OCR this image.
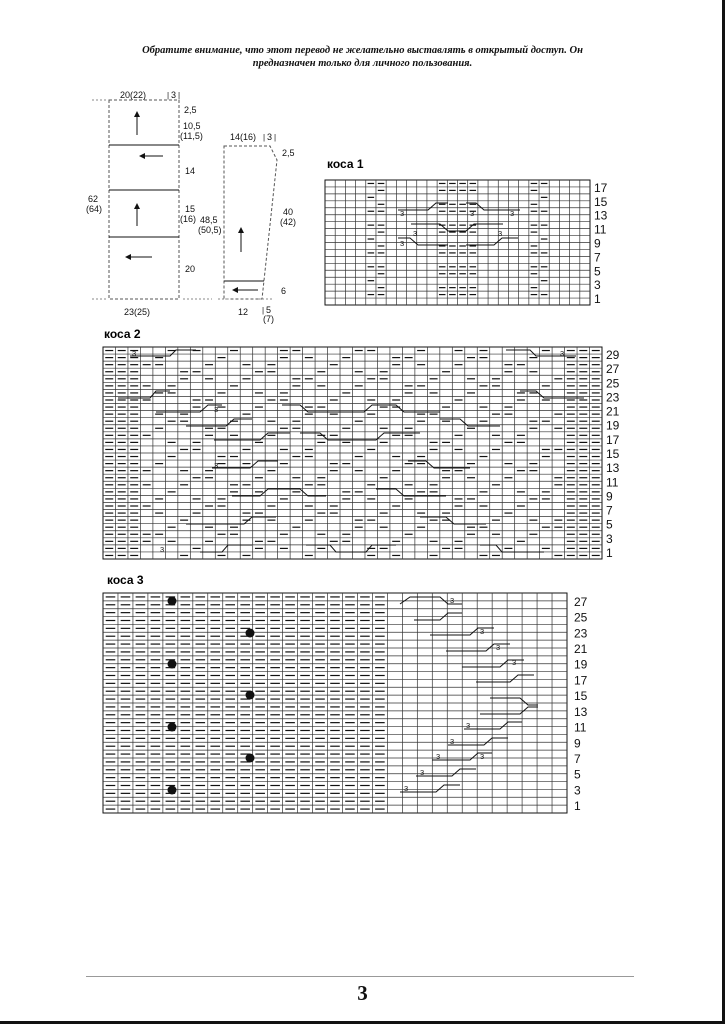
Обратите внимание, что этот перевод не желательно выставлять в открытый доступ. Он
предназначен только для личного пользования.
20(22)	| 3 |
2,5
10,5
(11,5)
14
15
(16) 48,5
(50,5)
20
62
(64)
23(25)
14(16) | 3 |
2,5
40
(42)
6
12 | 5
(7)
коса 1
3	3	3
3	3
3
17
15
13
11
9
7
5
3
1
коса 2
3	3
3
3
3
29
27
25
23
21
19
17
15
13
11
9
7
5
3
1
коса 3
3
3
3
3
3
3
3
3
3
3
27
25
23
21
19
17
15
13
11
9
7
5
3
1
3
